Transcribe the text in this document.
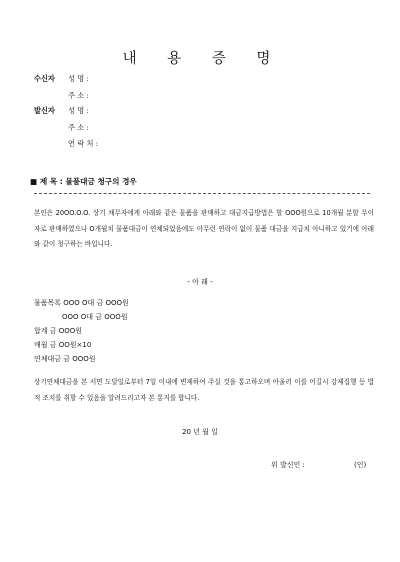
내 용 증 명
수신자 성 명 :
주 소 :
발신자 성 명 :
주 소 :
연 락 처 :
■ 제 목 : 물품대금 청구의 경우
본인은 20OO.O.O. 상기 채무자에게 아래와 같은 물품을 판매하고 대금지급방법은 할 OOO원으로 10개월 분할 무이자로 판매하였으나 O개월치 물품대금이 연체되었음에도 아무런 연락이 없이 물품 대금을 지급치 아니하고 있기에 아래와 같이 청구하는 바입니다.
- 아 래 -
물품목록 OOO O대 금 OOO원
OOO O대 금 OOO원
합계 금 OOO원
매월 금 OO원×10
연체대금 금 OOO원
상기연체대금을 본 서면 도달일로부터 7일 이내에 변제하여 주실 것을 통고하오며 아울러 이를 어길시 강제집행 등 법적 조치를 취할 수 있음을 알려드리고자 본 통지를 합니다.
20 년 월 일
위 발신인 :	(인)
